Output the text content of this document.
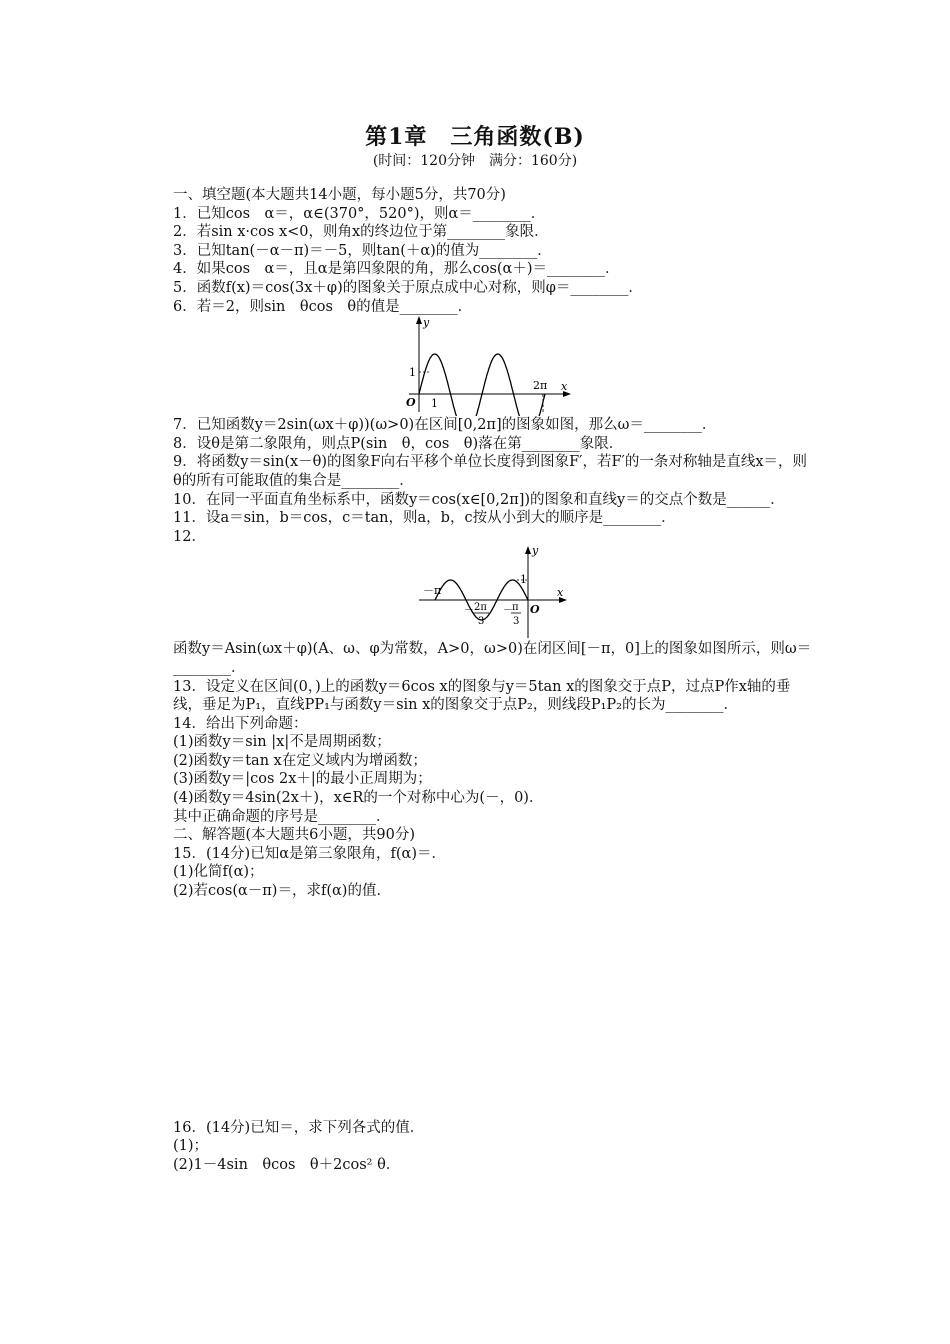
第1章　三角函数(B)
(时间：120分钟　满分：160分)
一、填空题(本大题共14小题，每小题5分，共70分)
1．已知cos　α＝，α∈(370°，520°)，则α＝________．
2．若sin x·cos x<0，则角x的终边位于第________象限．
3．已知tan(－α－π)＝－5，则tan(＋α)的值为________．
4．如果cos　α＝，且α是第四象限的角，那么cos(α＋)＝________．
5．函数f(x)＝cos(3x＋φ)的图象关于原点成中心对称，则φ＝________．
6．若＝2，则sin　θcos　θ的值是________．
y
x
O
1
1
2π
7．已知函数y＝2sin(ωx＋φ))(ω>0)在区间[0,2π]的图象如图，那么ω＝________．
8．设θ是第二象限角，则点P(sin　θ，cos　θ)落在第________象限．
9．将函数y＝sin(x－θ)的图象F向右平移个单位长度得到图象F′，若F′的一条对称轴是直线x＝，则θ的所有可能取值的集合是________．
10．在同一平面直角坐标系中，函数y＝cos(x∈[0,2π])的图象和直线y＝的交点个数是______．
11．设a＝sin，b＝cos，c＝tan，则a，b，c按从小到大的顺序是________．
12．
y
x
O
1
－π
－ 2π
3
－ π
3
函数y＝Asin(ωx＋φ)(A、ω、φ为常数，A>0，ω>0)在闭区间[－π，0]上的图象如图所示，则ω＝________．
13．设定义在区间(0，)上的函数y＝6cos x的图象与y＝5tan x的图象交于点P，过点P作x轴的垂线，垂足为P₁，直线PP₁与函数y＝sin x的图象交于点P₂，则线段P₁P₂的长为________．
14．给出下列命题：
(1)函数y＝sin |x|不是周期函数；
(2)函数y＝tan x在定义域内为增函数；
(3)函数y＝|cos 2x＋|的最小正周期为；
(4)函数y＝4sin(2x＋)，x∈R的一个对称中心为(－，0)．
其中正确命题的序号是________．
二、解答题(本大题共6小题，共90分)
15．(14分)已知α是第三象限角，f(α)＝．
(1)化简f(α)；
(2)若cos(α－π)＝，求f(α)的值．
16．(14分)已知＝，求下列各式的值．
(1)；
(2)1－4sin　θcos　θ＋2cos² θ．
